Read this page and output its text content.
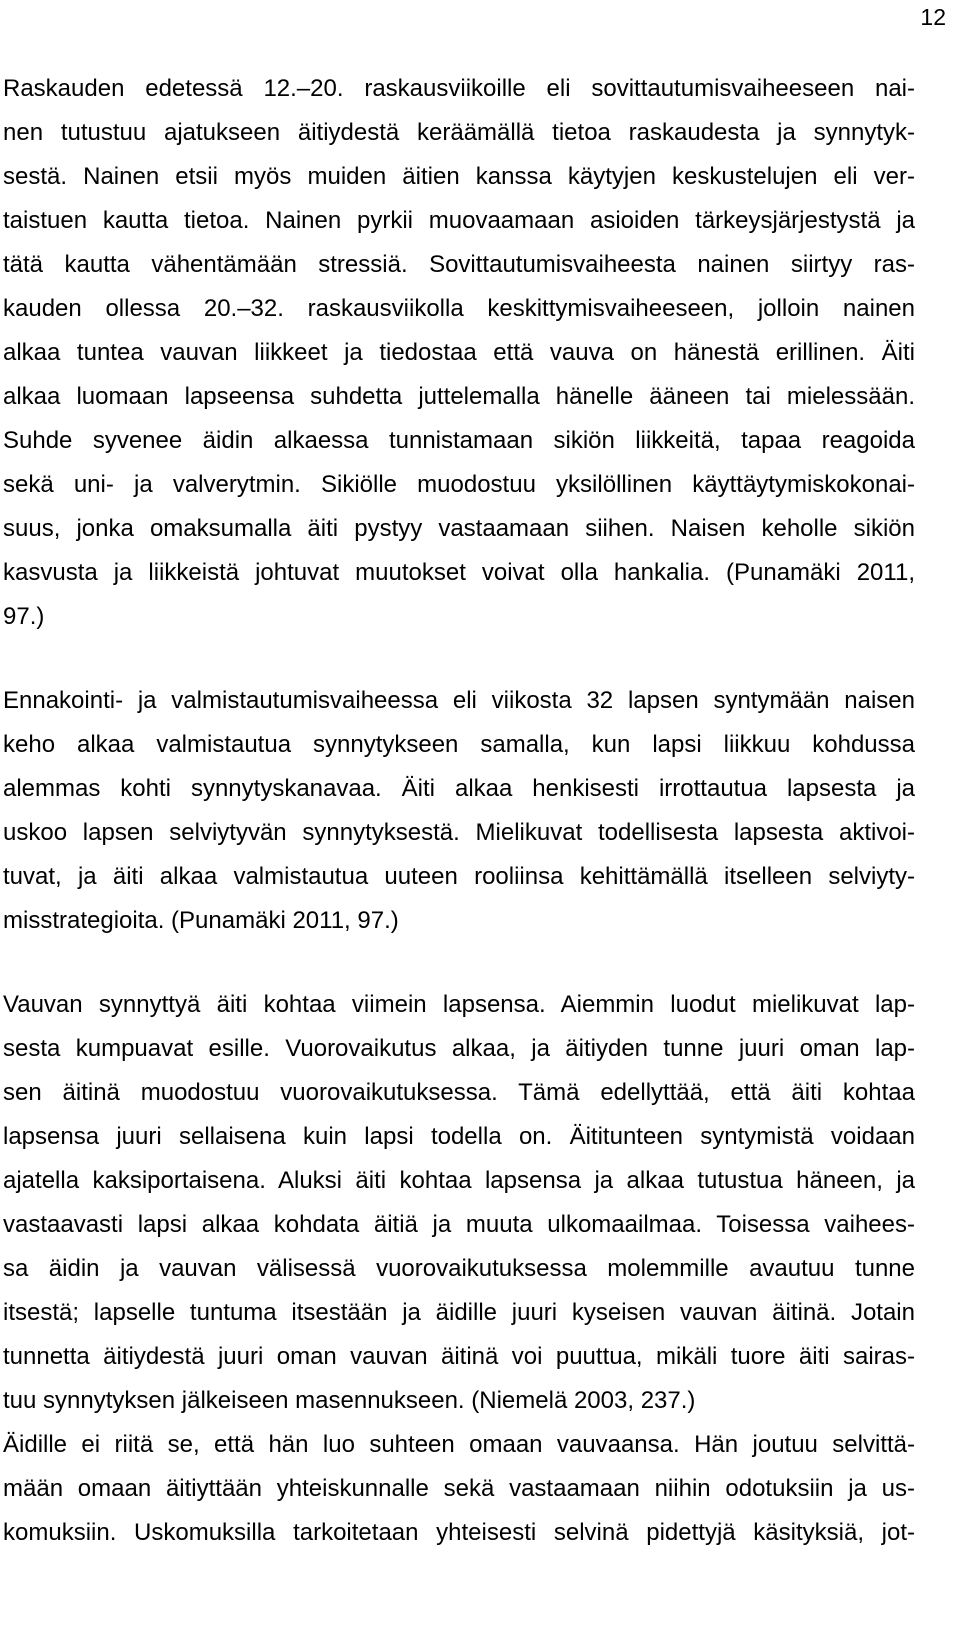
12
Raskauden edetessä 12.–20. raskausviikoille eli sovittautumisvaiheeseen nai-
nen tutustuu ajatukseen äitiydestä keräämällä tietoa raskaudesta ja synnytyk-
sestä. Nainen etsii myös muiden äitien kanssa käytyjen keskustelujen eli ver-
taistuen kautta tietoa. Nainen pyrkii muovaamaan asioiden tärkeysjärjestystä ja
tätä kautta vähentämään stressiä. Sovittautumisvaiheesta nainen siirtyy ras-
kauden ollessa 20.–32. raskausviikolla keskittymisvaiheeseen, jolloin nainen
alkaa tuntea vauvan liikkeet ja tiedostaa että vauva on hänestä erillinen. Äiti
alkaa luomaan lapseensa suhdetta juttelemalla hänelle ääneen tai mielessään.
Suhde syvenee äidin alkaessa tunnistamaan sikiön liikkeitä, tapaa reagoida
sekä uni- ja valverytmin. Sikiölle muodostuu yksilöllinen käyttäytymiskokonai-
suus, jonka omaksumalla äiti pystyy vastaamaan siihen. Naisen keholle sikiön
kasvusta ja liikkeistä johtuvat muutokset voivat olla hankalia. (Punamäki 2011,
97.)
Ennakointi- ja valmistautumisvaiheessa eli viikosta 32 lapsen syntymään naisen
keho alkaa valmistautua synnytykseen samalla, kun lapsi liikkuu kohdussa
alemmas kohti synnytyskanavaa. Äiti alkaa henkisesti irrottautua lapsesta ja
uskoo lapsen selviytyvän synnytyksestä. Mielikuvat todellisesta lapsesta aktivoi-
tuvat, ja äiti alkaa valmistautua uuteen rooliinsa kehittämällä itselleen selviyty-
misstrategioita. (Punamäki 2011, 97.)
Vauvan synnyttyä äiti kohtaa viimein lapsensa. Aiemmin luodut mielikuvat lap-
sesta kumpuavat esille. Vuorovaikutus alkaa, ja äitiyden tunne juuri oman lap-
sen äitinä muodostuu vuorovaikutuksessa. Tämä edellyttää, että äiti kohtaa
lapsensa juuri sellaisena kuin lapsi todella on. Äititunteen syntymistä voidaan
ajatella kaksiportaisena. Aluksi äiti kohtaa lapsensa ja alkaa tutustua häneen, ja
vastaavasti lapsi alkaa kohdata äitiä ja muuta ulkomaailmaa. Toisessa vaihees-
sa äidin ja vauvan välisessä vuorovaikutuksessa molemmille avautuu tunne
itsestä; lapselle tuntuma itsestään ja äidille juuri kyseisen vauvan äitinä. Jotain
tunnetta äitiydestä juuri oman vauvan äitinä voi puuttua, mikäli tuore äiti sairas-
tuu synnytyksen jälkeiseen masennukseen. (Niemelä 2003, 237.)
Äidille ei riitä se, että hän luo suhteen omaan vauvaansa. Hän joutuu selvittä-
mään omaan äitiyttään yhteiskunnalle sekä vastaamaan niihin odotuksiin ja us-
komuksiin. Uskomuksilla tarkoitetaan yhteisesti selvinä pidettyjä käsityksiä, jot-
